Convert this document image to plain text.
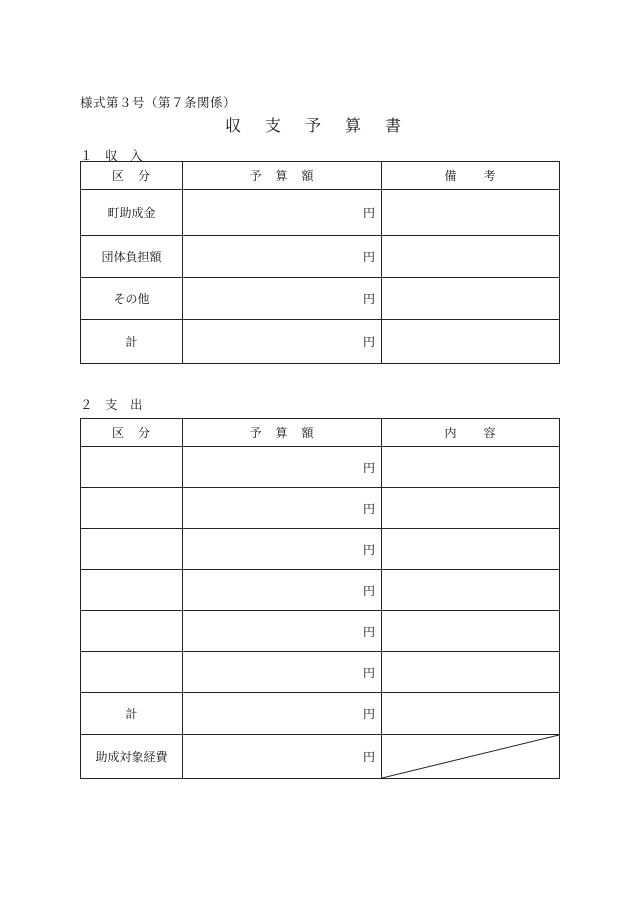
様式第３号（第７条関係）
収　支　予　算　書
１　収　入
区　分	予　算　額	備　　考
町助成金	円	
団体負担額	円	
その他	円	
計	円	
２　支　出
区　分	予　算　額	内　　容
	円	
	円	
	円	
	円	
	円	
	円	
計	円	
助成対象経費	円	
